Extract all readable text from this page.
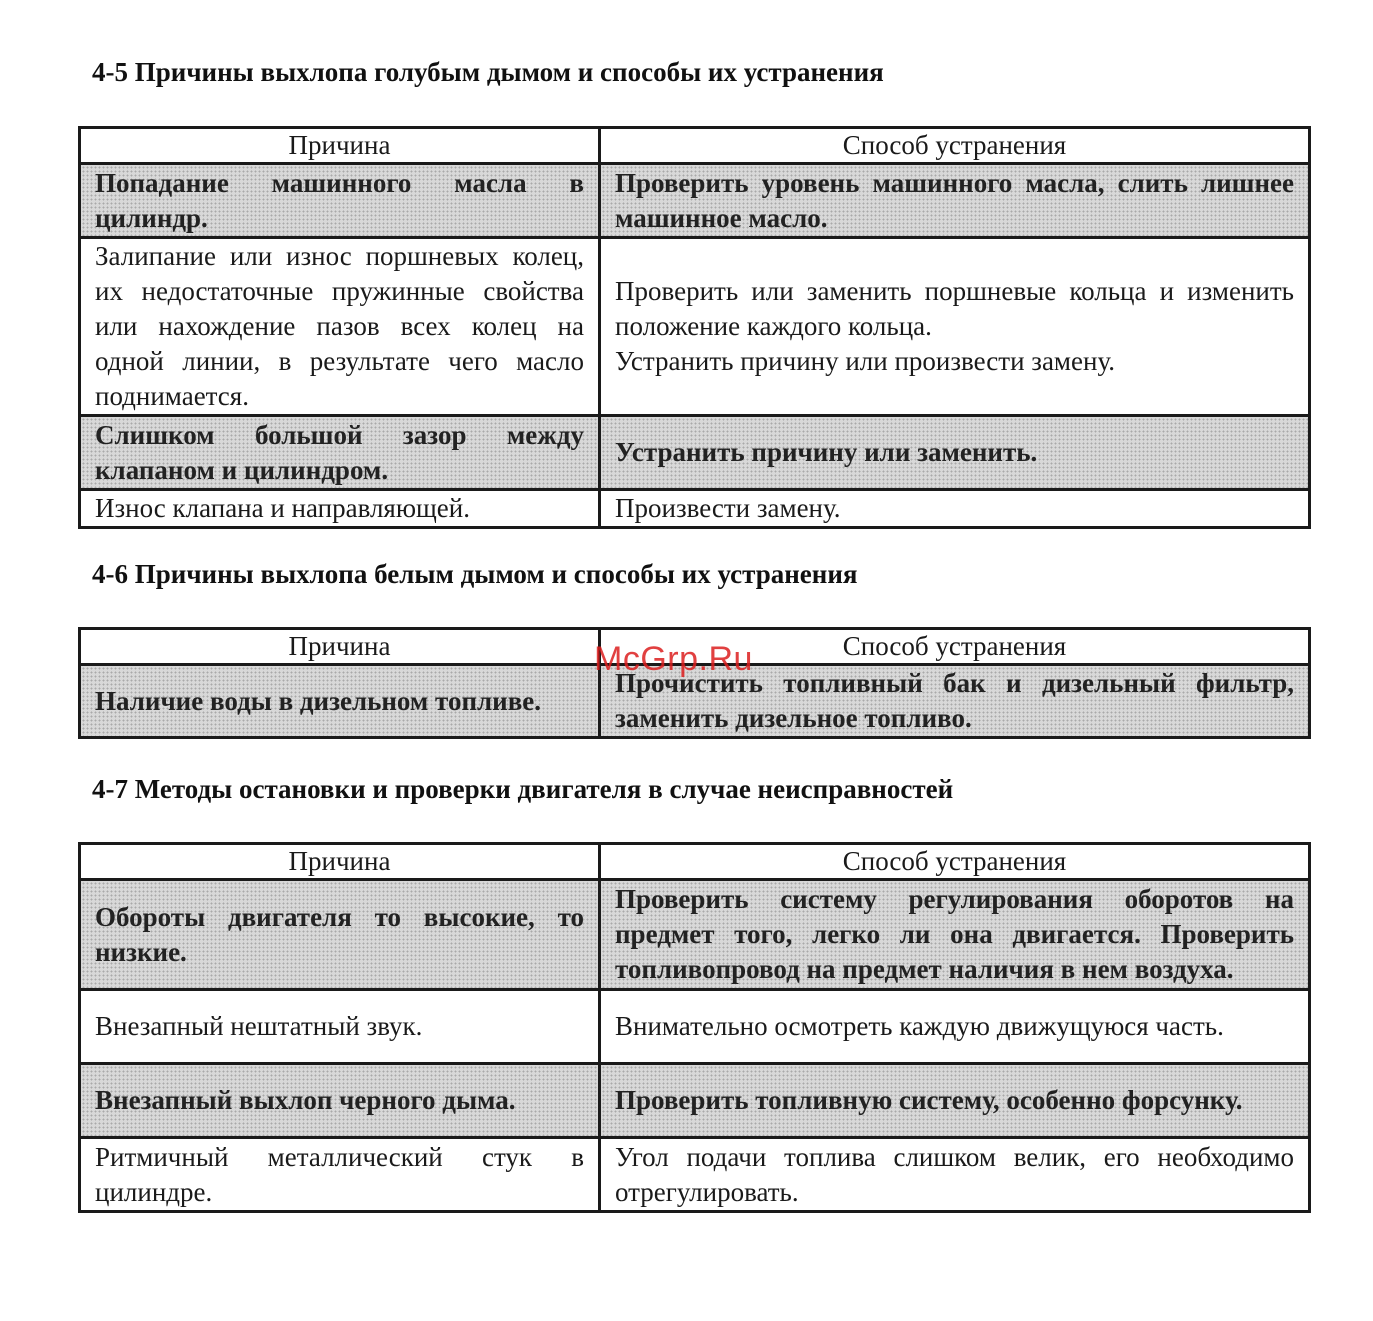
4-5 Причины выхлопа голубым дымом и способы их устранения
Причина	Способ устранения
Попадание машинного масла в цилиндр.	Проверить уровень машинного масла, слить лишнее машинное масло.
Залипание или износ поршневых колец, их недостаточные пружинные свойства или нахождение пазов всех колец на одной линии, в результате чего масло поднимается.	Проверить или заменить поршневые кольца и изменить положение каждого кольца.
Устранить причину или произвести замену.

Слишком большой зазор между клапаном и цилиндром.	Устранить причину или заменить.
Износ клапана и направляющей.	Произвести замену.
4-6 Причины выхлопа белым дымом и способы их устранения
Причина	Способ устранения
Наличие воды в дизельном топливе.	Прочистить топливный бак и дизельный фильтр, заменить дизельное топливо.
4-7 Методы остановки и проверки двигателя в случае неисправностей
Причина	Способ устранения
Обороты двигателя то высокие, то низкие.	Проверить систему регулирования оборотов на предмет того, легко ли она двигается. Проверить топливопровод на предмет наличия в нем воздуха.
Внезапный нештатный звук.	Внимательно осмотреть каждую движущуюся часть.
Внезапный выхлоп черного дыма.	Проверить топливную систему, особенно форсунку.
Ритмичный металлический стук в цилиндре.	Угол подачи топлива слишком велик, его необходимо отрегулировать.
McGrp.Ru
